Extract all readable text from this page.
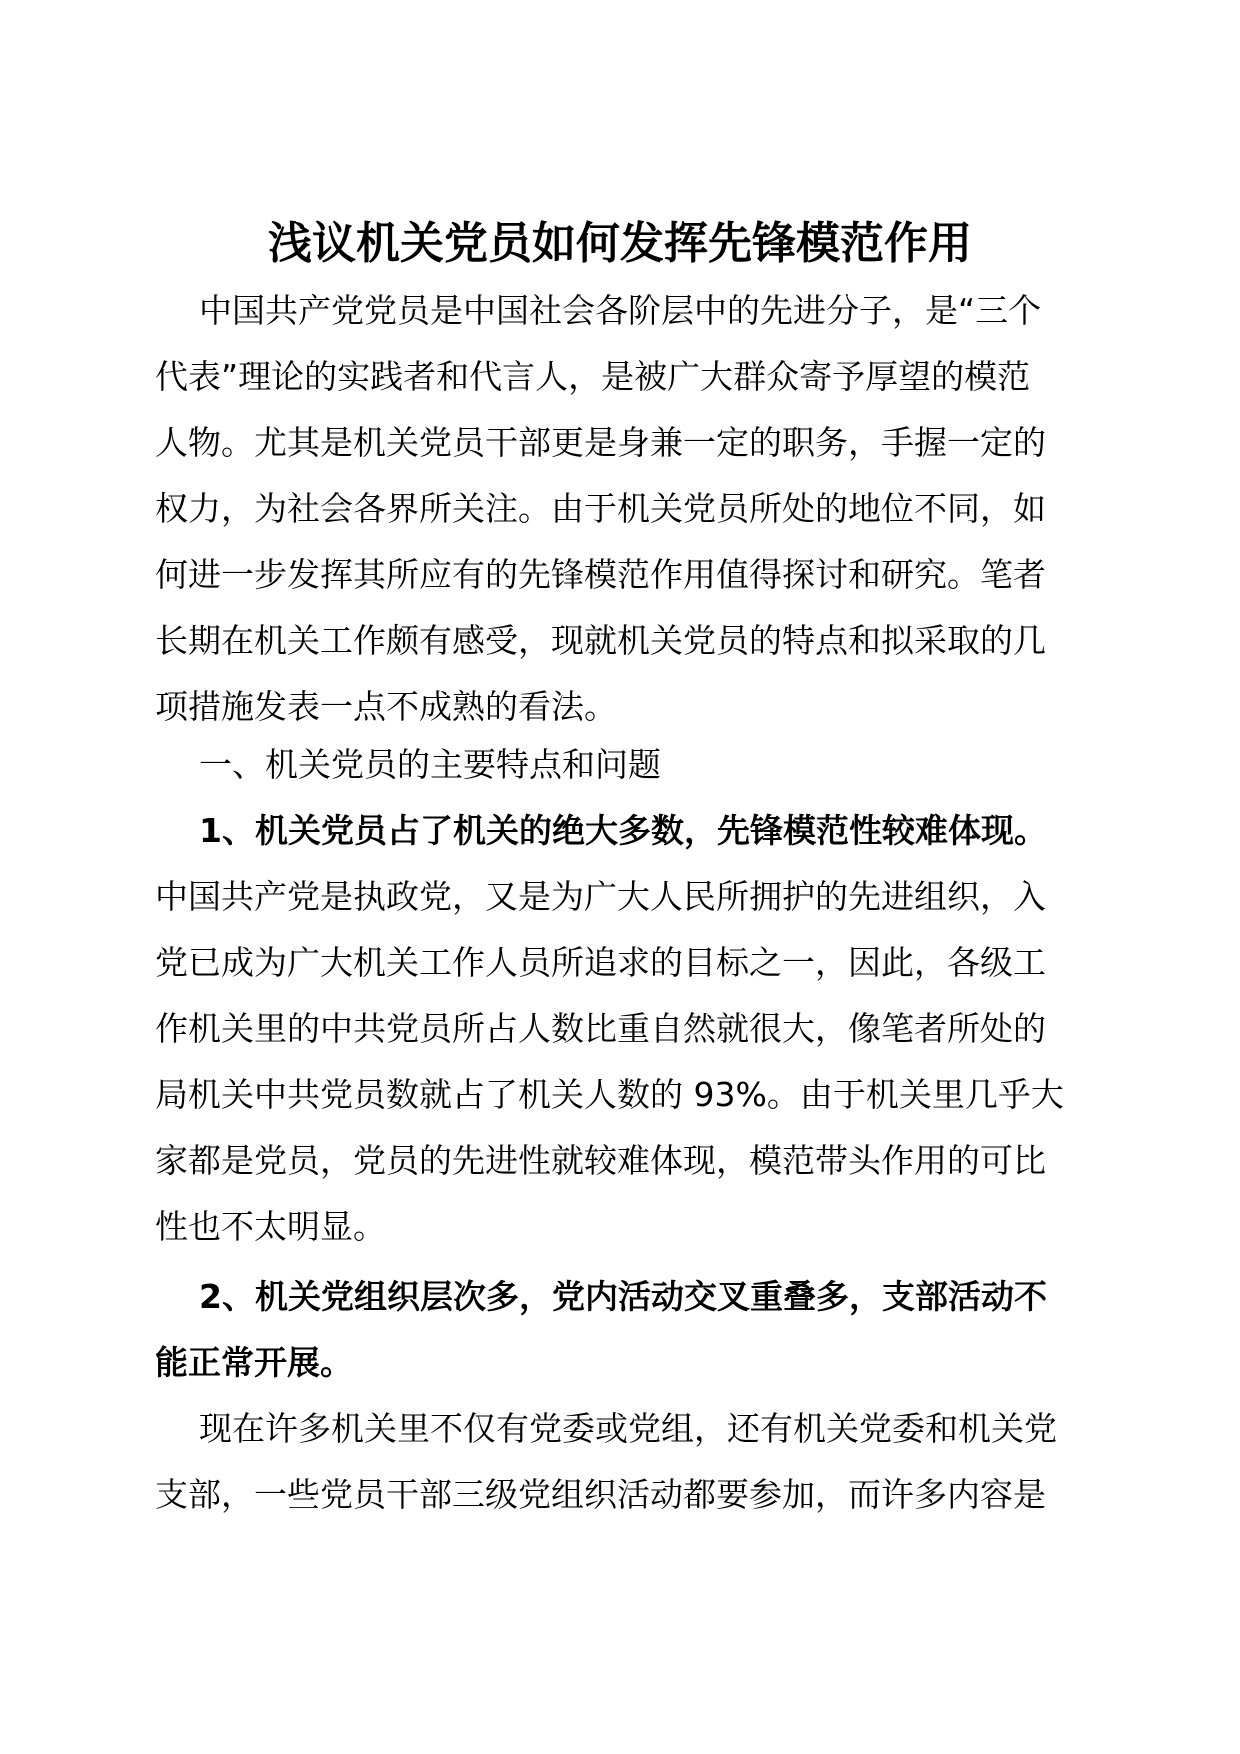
浅议机关党员如何发挥先锋模范作用
中国共产党党员是中国社会各阶层中的先进分子，是“三个
代表”理论的实践者和代言人，是被广大群众寄予厚望的模范
人物。尤其是机关党员干部更是身兼一定的职务，手握一定的
权力，为社会各界所关注。由于机关党员所处的地位不同，如
何进一步发挥其所应有的先锋模范作用值得探讨和研究。笔者
长期在机关工作颇有感受，现就机关党员的特点和拟采取的几
项措施发表一点不成熟的看法。
一、机关党员的主要特点和问题
1、机关党员占了机关的绝大多数，先锋模范性较难体现。
中国共产党是执政党，又是为广大人民所拥护的先进组织，入
党已成为广大机关工作人员所追求的目标之一，因此，各级工
作机关里的中共党员所占人数比重自然就很大，像笔者所处的
局机关中共党员数就占了机关人数的 93%。由于机关里几乎大
家都是党员，党员的先进性就较难体现，模范带头作用的可比
性也不太明显。
2、机关党组织层次多，党内活动交叉重叠多，支部活动不
能正常开展。
现在许多机关里不仅有党委或党组，还有机关党委和机关党
支部，一些党员干部三级党组织活动都要参加，而许多内容是
